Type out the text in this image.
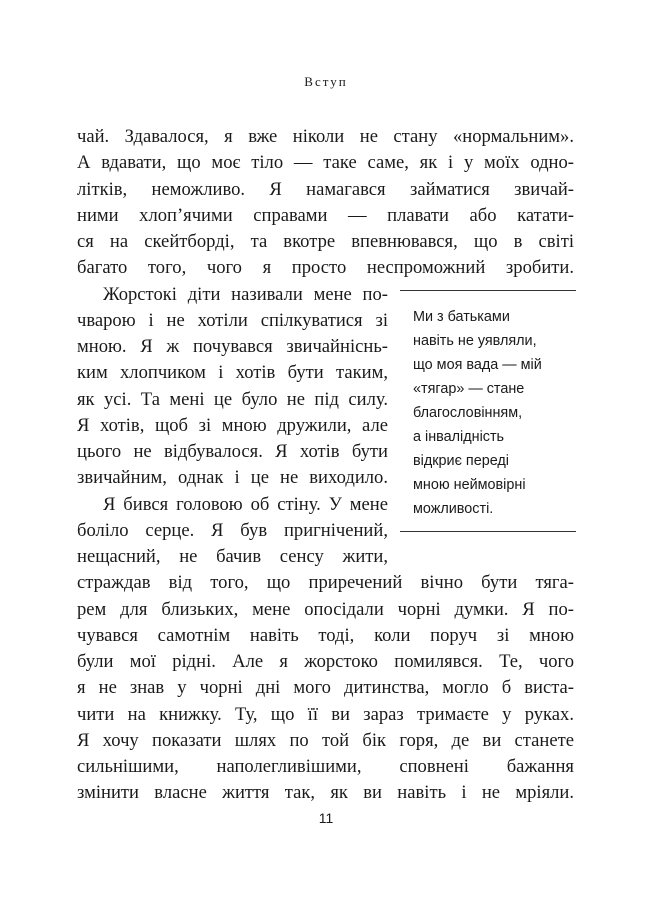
Вступ
чай. Здавалося, я вже ніколи не стану «нормальним».
А вдавати, що моє тіло — таке саме, як і у моїх одно-
літків, неможливо. Я намагався займатися звичай-
ними хлоп’ячими справами — плавати або катати-
ся на скейтборді, та вкотре впевнювався, що в світі
багато того, чого я просто неспроможний зробити.
Жорстокі діти називали мене по-
чварою і не хотіли спілкуватися зі
мною. Я ж почувався звичайніснь-
ким хлопчиком і хотів бути таким,
як усі. Та мені це було не під силу.
Я хотів, щоб зі мною дружили, але
цього не відбувалося. Я хотів бути
звичайним, однак і це не виходило.
Я бився головою об стіну. У мене
боліло серце. Я був пригнічений,
нещасний, не бачив сенсу жити,
страждав від того, що приречений вічно бути тяга-
рем для близьких, мене опосідали чорні думки. Я по-
чувався самотнім навіть тоді, коли поруч зі мною
були мої рідні. Але я жорстоко помилявся. Те, чого
я не знав у чорні дні мого дитинства, могло б виста-
чити на книжку. Ту, що її ви зараз тримаєте у руках.
Я хочу показати шлях по той бік горя, де ви станете
сильнішими, наполегливішими, сповнені бажання
змінити власне життя так, як ви навіть і не мріяли.
Ми з батьками
навіть не уявляли,
що моя вада — мій
«тягар» — стане
благословінням,
а інвалідність
відкриє переді
мною неймовірні
можливості.
11
